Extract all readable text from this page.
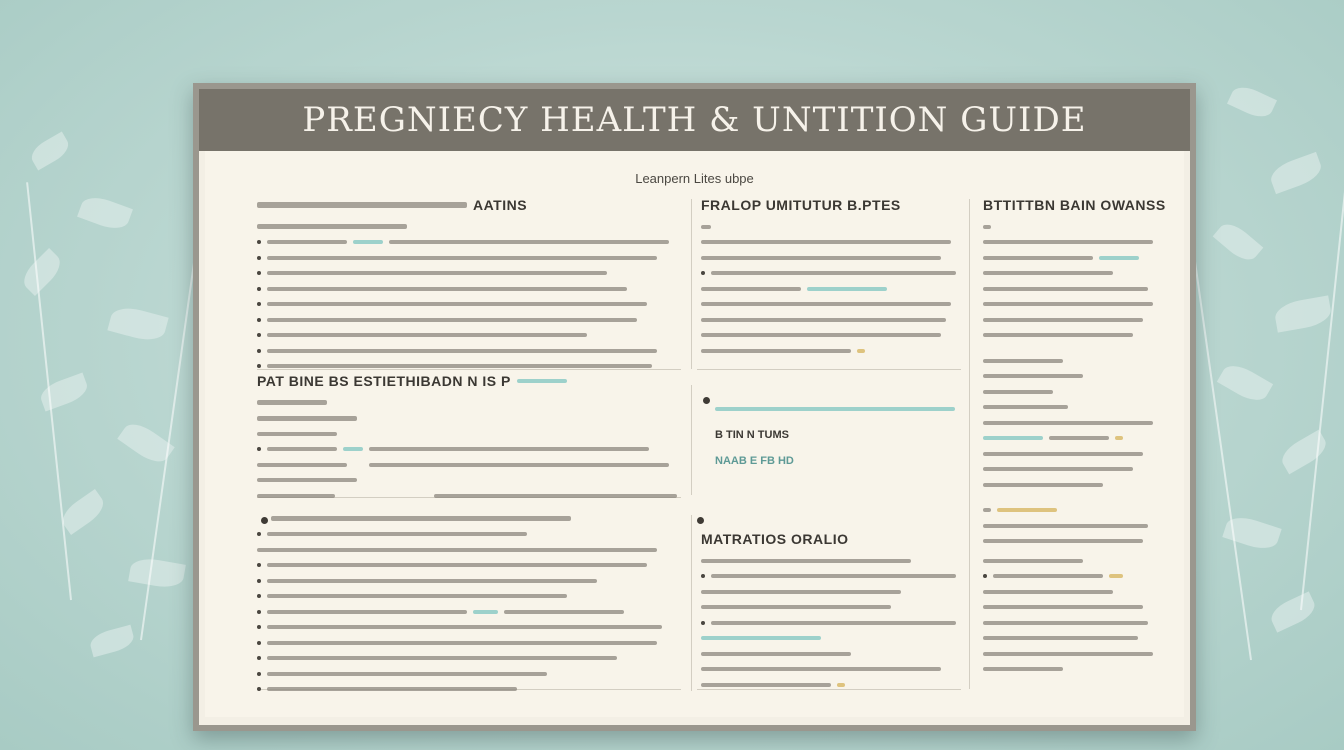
PREGNIECY HEALTH & UNTITION GUIDE
Leanpern Lites ubpe
AATINS	FRALOP UMITUTUR B.PTES	BTTITTBN BAIN OWANSS
PAT BINE BS ESTIETHIBADN N IS P
B TIN N TUMS
NAAB E FB HD
MATRATIOS ORALIO
